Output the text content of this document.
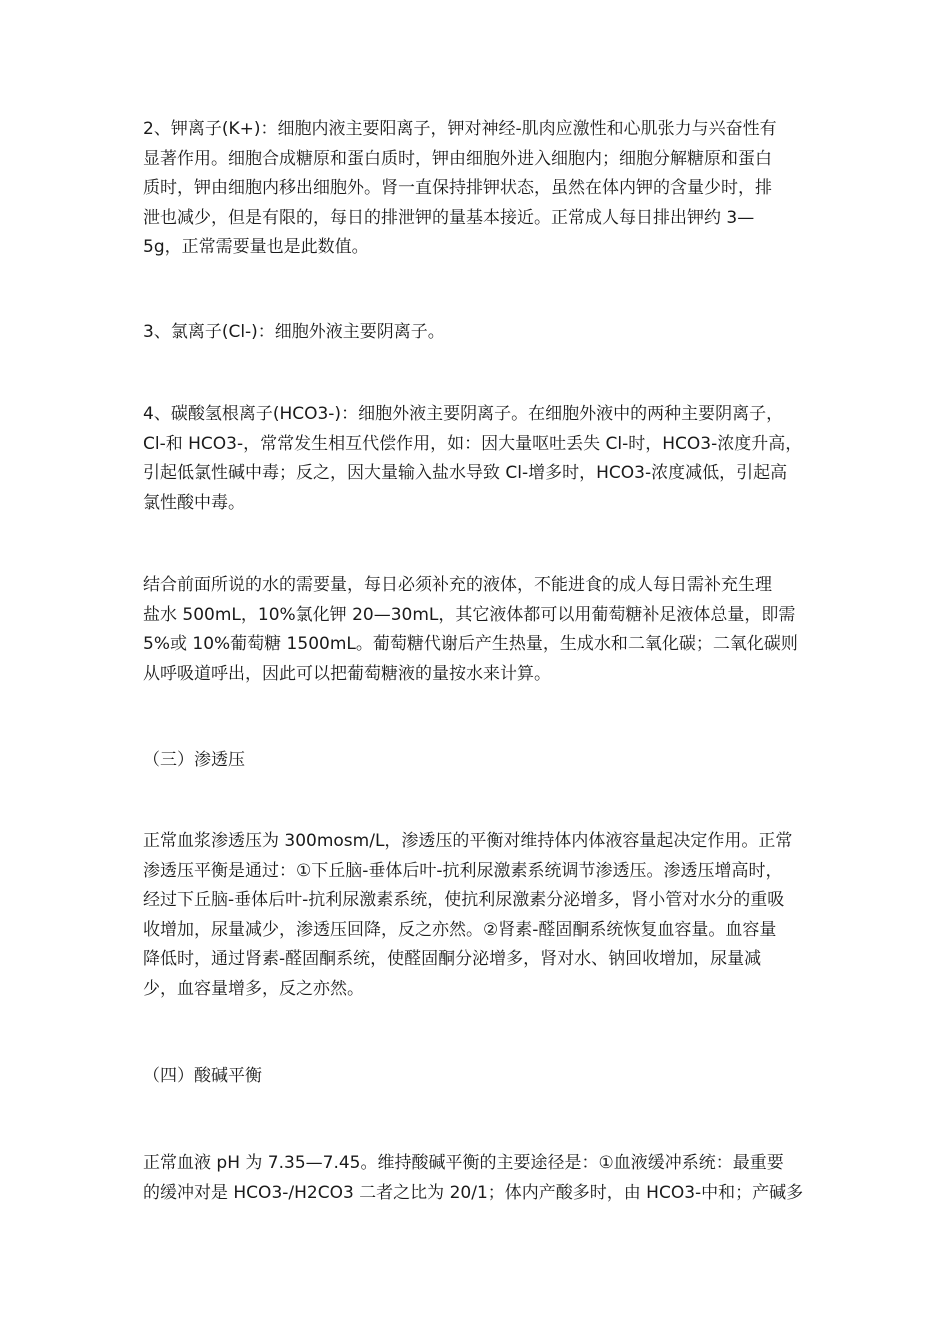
2、钾离子(K+)：细胞内液主要阳离子，钾对神经-肌肉应激性和心肌张力与兴奋性有
显著作用。细胞合成糖原和蛋白质时，钾由细胞外进入细胞内；细胞分解糖原和蛋白
质时，钾由细胞内移出细胞外。肾一直保持排钾状态，虽然在体内钾的含量少时，排
泄也减少，但是有限的，每日的排泄钾的量基本接近。正常成人每日排出钾约 3—
5g，正常需要量也是此数值。
3、氯离子(Cl-)：细胞外液主要阴离子。
4、碳酸氢根离子(HCO3-)：细胞外液主要阴离子。在细胞外液中的两种主要阴离子，
Cl-和 HCO3-，常常发生相互代偿作用，如：因大量呕吐丢失 Cl-时，HCO3-浓度升高，
引起低氯性碱中毒；反之，因大量输入盐水导致 Cl-增多时，HCO3-浓度减低，引起高
氯性酸中毒。
结合前面所说的水的需要量，每日必须补充的液体，不能进食的成人每日需补充生理
盐水 500mL，10%氯化钾 20—30mL，其它液体都可以用葡萄糖补足液体总量，即需
5%或 10%葡萄糖 1500mL。葡萄糖代谢后产生热量，生成水和二氧化碳；二氧化碳则
从呼吸道呼出，因此可以把葡萄糖液的量按水来计算。
（三）渗透压
正常血浆渗透压为 300mosm/L，渗透压的平衡对维持体内体液容量起决定作用。正常
渗透压平衡是通过：①下丘脑-垂体后叶-抗利尿激素系统调节渗透压。渗透压增高时，
经过下丘脑-垂体后叶-抗利尿激素系统，使抗利尿激素分泌增多，肾小管对水分的重吸
收增加，尿量减少，渗透压回降，反之亦然。②肾素-醛固酮系统恢复血容量。血容量
降低时，通过肾素-醛固酮系统，使醛固酮分泌增多，肾对水、钠回收增加，尿量减
少，血容量增多，反之亦然。
（四）酸碱平衡
正常血液 pH 为 7.35—7.45。维持酸碱平衡的主要途径是：①血液缓冲系统：最重要
的缓冲对是 HCO3-/H2CO3 二者之比为 20/1；体内产酸多时，由 HCO3-中和；产碱多
